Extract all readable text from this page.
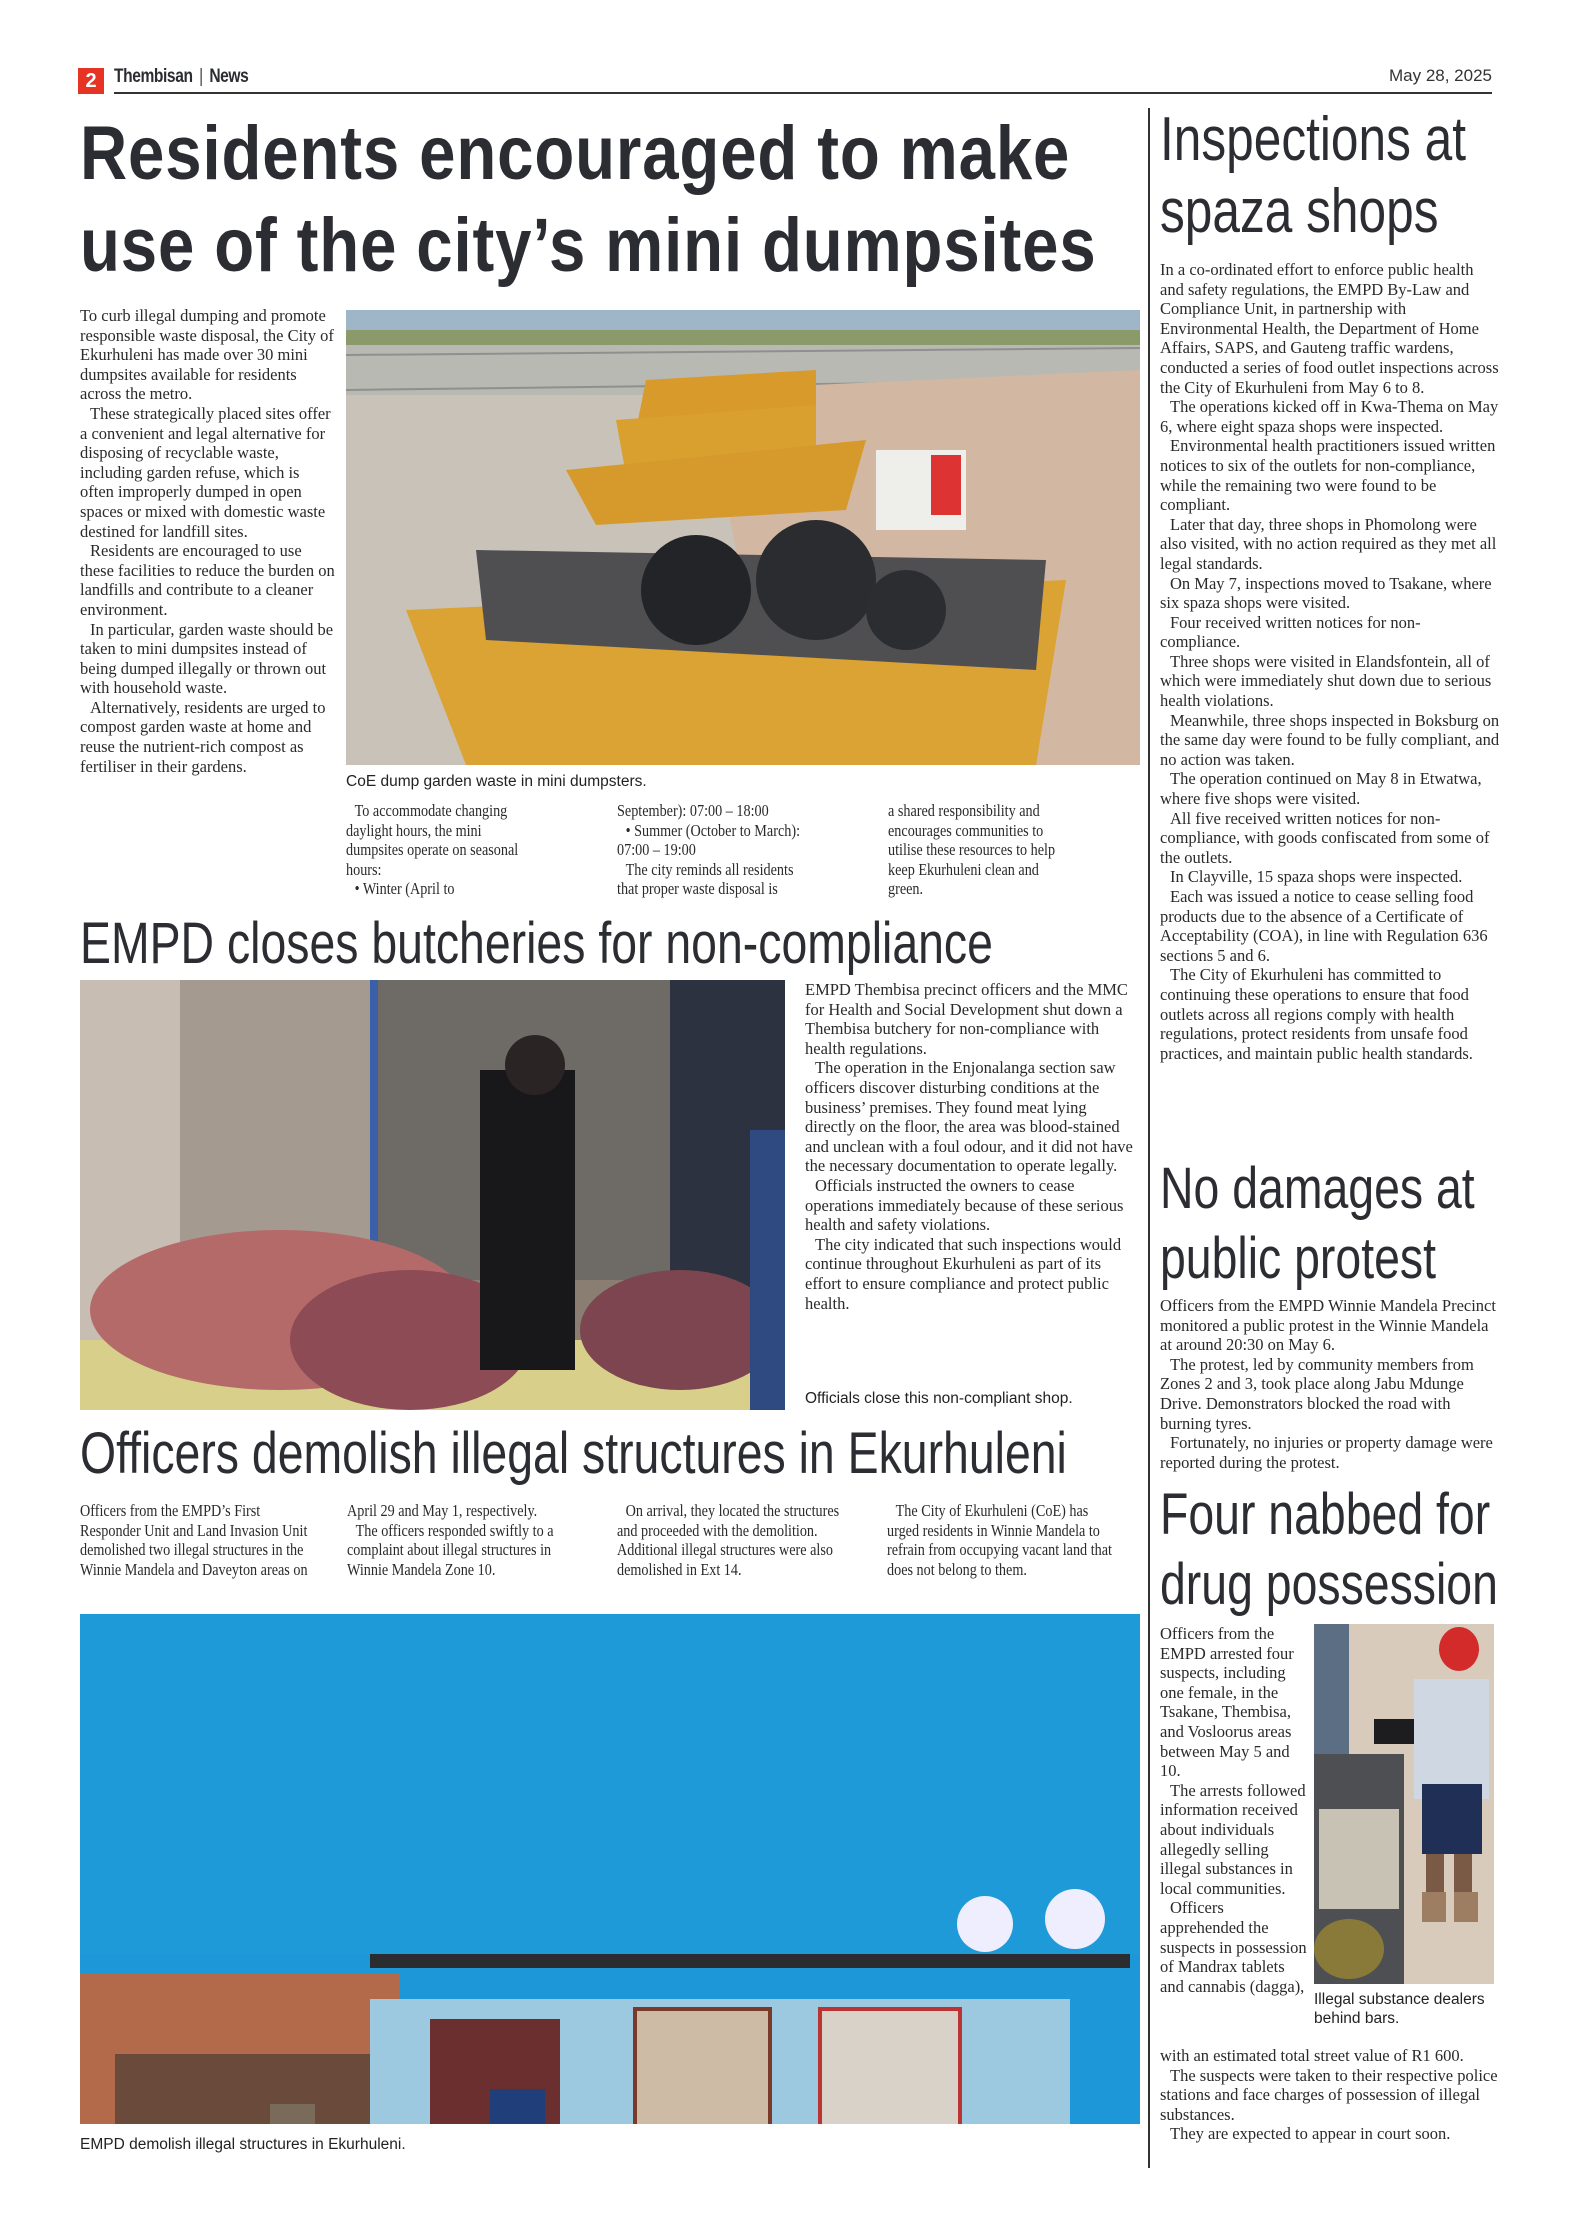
2 Thembisan | News	May 28, 2025
Residents encouraged to make
use of the city’s mini dumpsites

To curb illegal dumping and promote responsible waste disposal, the City of Ekurhuleni has made over 30 mini dumpsites available for residents across the metro.

These strategically placed sites offer a convenient and legal alternative for disposing of recyclable waste, including garden refuse, which is often improperly dumped in open spaces or mixed with domestic waste destined for landfill sites.

Residents are encouraged to use these facilities to reduce the burden on landfills and contribute to a cleaner environment.

In particular, garden waste should be taken to mini dumpsites instead of being dumped illegally or thrown out with household waste.

Alternatively, residents are urged to compost garden waste at home and reuse the nutrient-rich compost as fertiliser in their gardens.

CoE dump garden waste in mini dumpsters.

To accommodate changing daylight hours, the mini dumpsites operate on seasonal hours:

• Winter (April to

September): 07:00 – 18:00

• Summer (October to March): 07:00 – 19:00

The city reminds all residents that proper waste disposal is

a shared responsibility and encourages communities to utilise these resources to help keep Ekurhuleni clean and green.

EMPD closes butcheries for non-compliance

EMPD Thembisa precinct officers and the MMC for Health and Social Development shut down a Thembisa butchery for non-compliance with health regulations.

The operation in the Enjonalanga section saw officers discover disturbing conditions at the business’ premises. They found meat lying directly on the floor, the area was blood-stained and unclean with a foul odour, and it did not have the necessary documentation to operate legally.

Officials instructed the owners to cease operations immediately because of these serious health and safety violations.

The city indicated that such inspections would continue throughout Ekurhuleni as part of its effort to ensure compliance and protect public health.

Officials close this non-compliant shop.
Officers demolish illegal structures in Ekurhuleni

Officers from the EMPD’s First Responder Unit and Land Invasion Unit demolished two illegal structures in the Winnie Mandela and Daveyton areas on

April 29 and May 1, respectively.

The officers responded swiftly to a complaint about illegal structures in Winnie Mandela Zone 10.

On arrival, they located the structures and proceeded with the demolition. Additional illegal structures were also demolished in Ext 14.

The City of Ekurhuleni (CoE) has urged residents in Winnie Mandela to refrain from occupying vacant land that does not belong to them.

EMPD demolish illegal structures in Ekurhuleni.
Inspections at
spaza shops

In a co-ordinated effort to enforce public health and safety regulations, the EMPD By-Law and Compliance Unit, in partnership with Environmental Health, the Department of Home Affairs, SAPS, and Gauteng traffic wardens, conducted a series of food outlet inspections across the City of Ekurhuleni from May 6 to 8.

The operations kicked off in Kwa-Thema on May 6, where eight spaza shops were inspected.

Environmental health practitioners issued written notices to six of the outlets for non-compliance, while the remaining two were found to be compliant.

Later that day, three shops in Phomolong were also visited, with no action required as they met all legal standards.

On May 7, inspections moved to Tsakane, where six spaza shops were visited.

Four received written notices for non-compliance.

Three shops were visited in Elandsfontein, all of which were immediately shut down due to serious health violations.

Meanwhile, three shops inspected in Boksburg on the same day were found to be fully compliant, and no action was taken.

The operation continued on May 8 in Etwatwa, where five shops were visited.

All five received written notices for non-compliance, with goods confiscated from some of the outlets.

In Clayville, 15 spaza shops were inspected.

Each was issued a notice to cease selling food products due to the absence of a Certificate of Acceptability (COA), in line with Regulation 636 sections 5 and 6.

The City of Ekurhuleni has committed to continuing these operations to ensure that food outlets across all regions comply with health regulations, protect residents from unsafe food practices, and maintain public health standards.

No damages at
public protest

Officers from the EMPD Winnie Mandela Precinct monitored a public protest in the Winnie Mandela at around 20:30 on May 6.

The protest, led by community members from Zones 2 and 3, took place along Jabu Mdunge Drive. Demonstrators blocked the road with burning tyres.

Fortunately, no injuries or property damage were reported during the protest.

Four nabbed for
drug possession

Officers from the EMPD arrested four suspects, including one female, in the Tsakane, Thembisa, and Vosloorus areas between May 5 and 10.

The arrests followed information received about individuals allegedly selling illegal substances in local communities.

Officers apprehended the suspects in possession of Mandrax tablets and cannabis (dagga),

Illegal substance dealers behind bars.

with an estimated total street value of R1 600.

The suspects were taken to their respective police stations and face charges of possession of illegal substances.

They are expected to appear in court soon.
